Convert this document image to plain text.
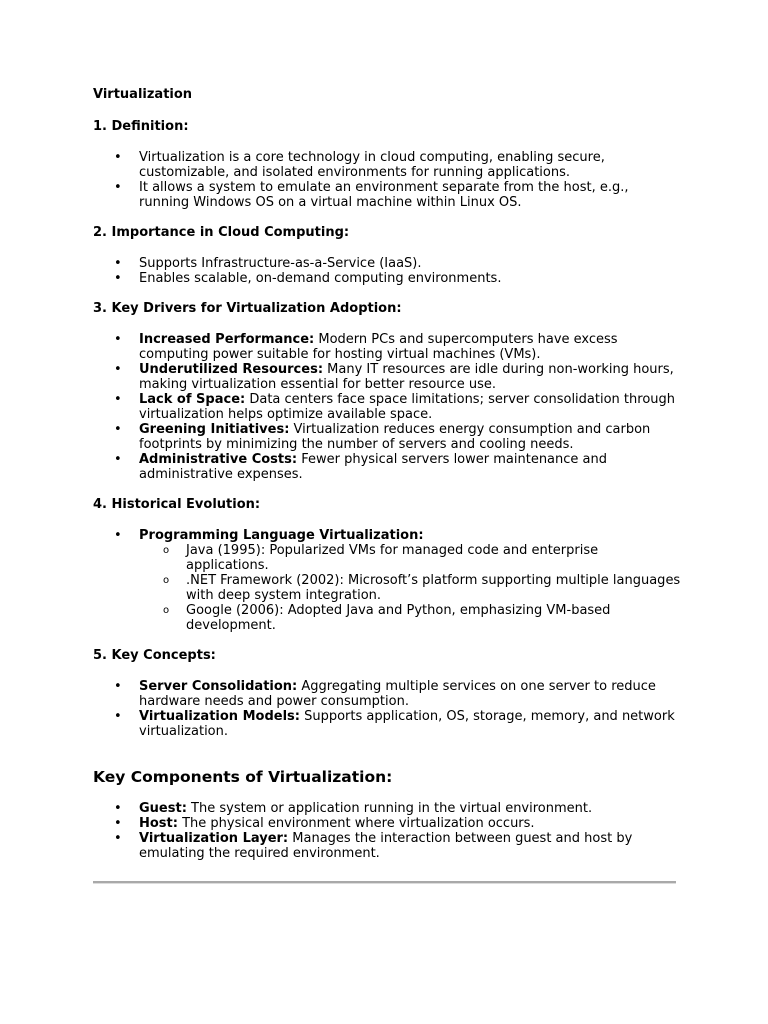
Virtualization
1. Definition:
• Virtualization is a core technology in cloud computing, enabling secure, customizable, and isolated environments for running applications.
• It allows a system to emulate an environment separate from the host, e.g., running Windows OS on a virtual machine within Linux OS.
2. Importance in Cloud Computing:
• Supports Infrastructure-as-a-Service (IaaS).
• Enables scalable, on-demand computing environments.
3. Key Drivers for Virtualization Adoption:
• Increased Performance: Modern PCs and supercomputers have excess computing power suitable for hosting virtual machines (VMs).
• Underutilized Resources: Many IT resources are idle during non-working hours, making virtualization essential for better resource use.
• Lack of Space: Data centers face space limitations; server consolidation through virtualization helps optimize available space.
• Greening Initiatives: Virtualization reduces energy consumption and carbon footprints by minimizing the number of servers and cooling needs.
• Administrative Costs: Fewer physical servers lower maintenance and administrative expenses.
4. Historical Evolution:
• Programming Language Virtualization:
o Java (1995): Popularized VMs for managed code and enterprise applications.
o .NET Framework (2002): Microsoft’s platform supporting multiple languages with deep system integration.
o Google (2006): Adopted Java and Python, emphasizing VM-based development.
5. Key Concepts:
• Server Consolidation: Aggregating multiple services on one server to reduce hardware needs and power consumption.
• Virtualization Models: Supports application, OS, storage, memory, and network virtualization.
Key Components of Virtualization:
• Guest: The system or application running in the virtual environment.
• Host: The physical environment where virtualization occurs.
• Virtualization Layer: Manages the interaction between guest and host by emulating the required environment.
